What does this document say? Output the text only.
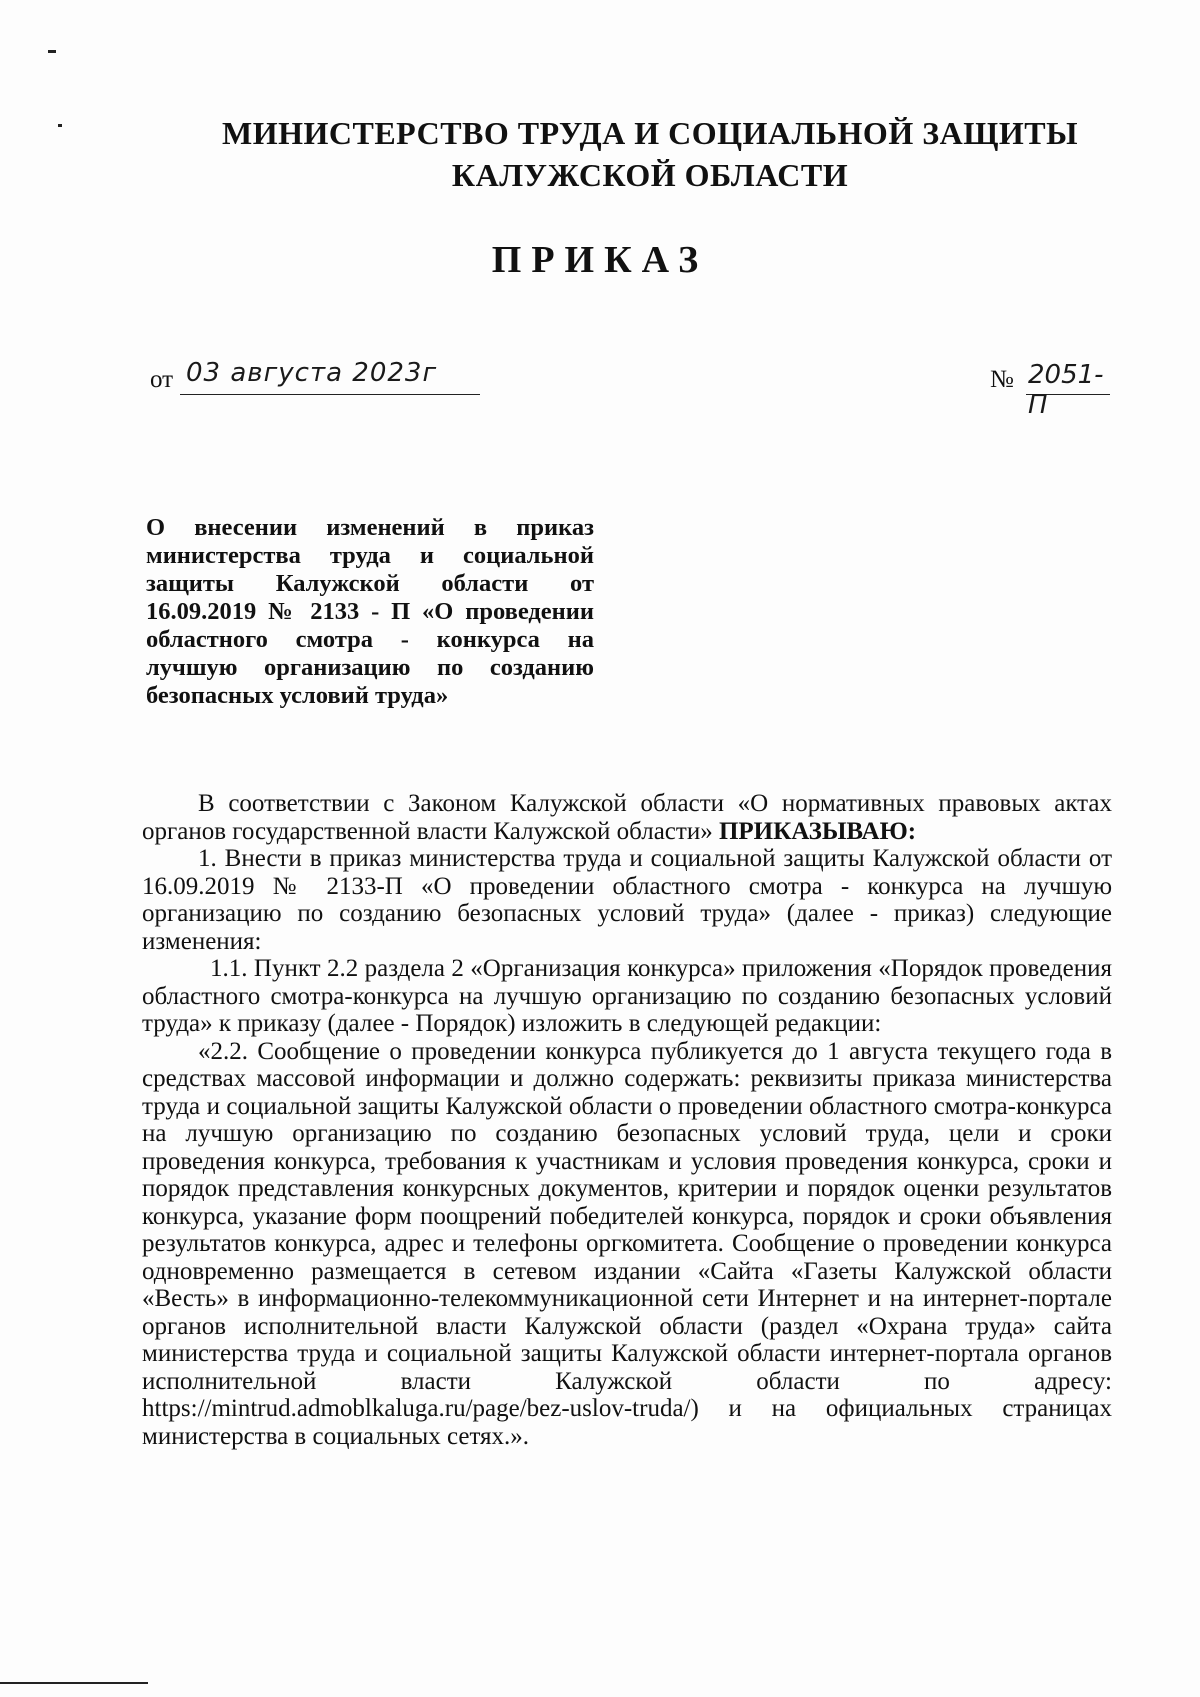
МИНИСТЕРСТВО ТРУДА И СОЦИАЛЬНОЙ ЗАЩИТЫ
КАЛУЖСКОЙ ОБЛАСТИ
ПРИКАЗ
от 03 августа 2023г	№ 2051-П
О внесении изменений в приказ министерства труда и социальной защиты Калужской области от 16.09.2019 № 2133 - П «О проведении областного смотра - конкурса на лучшую организацию по созданию безопасных условий труда»

В соответствии с Законом Калужской области «О нормативных правовых актах органов государственной власти Калужской области» ПРИКАЗЫВАЮ:

1. Внести в приказ министерства труда и социальной защиты Калужской области от 16.09.2019 № 2133-П «О проведении областного смотра - конкурса на лучшую организацию по созданию безопасных условий труда» (далее - приказ) следующие изменения:

1.1. Пункт 2.2 раздела 2 «Организация конкурса» приложения «Порядок проведения областного смотра-конкурса на лучшую организацию по созданию безопасных условий труда» к приказу (далее - Порядок) изложить в следующей редакции:

«2.2. Сообщение о проведении конкурса публикуется до 1 августа текущего года в средствах массовой информации и должно содержать: реквизиты приказа министерства труда и социальной защиты Калужской области о проведении областного смотра-конкурса на лучшую организацию по созданию безопасных условий труда, цели и сроки проведения конкурса, требования к участникам и условия проведения конкурса, сроки и порядок представления конкурсных документов, критерии и порядок оценки результатов конкурса, указание форм поощрений победителей конкурса, порядок и сроки объявления результатов конкурса, адрес и телефоны оргкомитета. Сообщение о проведении конкурса одновременно размещается в сетевом издании «Сайта «Газеты Калужской области «Весть» в информационно-телекоммуникационной сети Интернет и на интернет-портале органов исполнительной власти Калужской области (раздел «Охрана труда» сайта министерства труда и социальной защиты Калужской области интернет-портала органов исполнительной власти Калужской области по адресу: https://mintrud.admoblkaluga.ru/page/bez-uslov-truda/) и на официальных страницах министерства в социальных сетях.».
